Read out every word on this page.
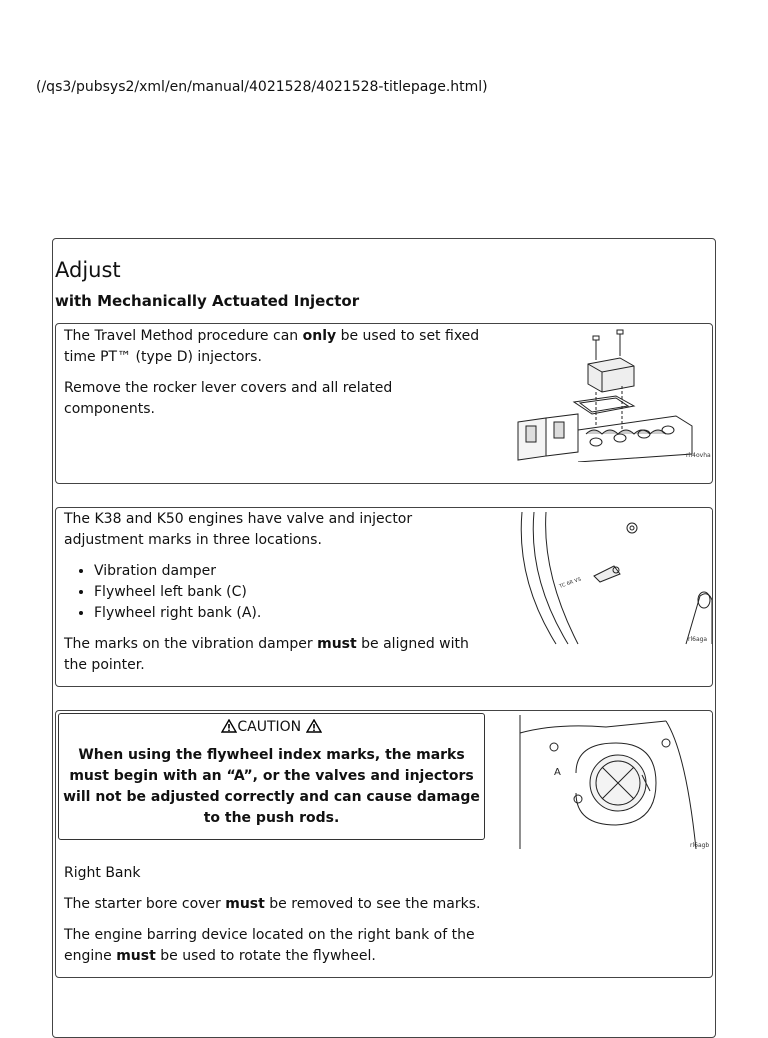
(/qs3/pubsys2/xml/en/manual/4021528/4021528-titlepage.html)
Adjust
with Mechanically Actuated Injector

The Travel Method procedure can only be used to set fixed time PT™ (type D) injectors.

Remove the rocker lever covers and all related components.

rh4ovha

The K38 and K50 engines have valve and injector adjustment marks in three locations.

• Vibration damper
• Flywheel left bank (C)
• Flywheel right bank (A).

The marks on the vibration damper must be aligned with the pointer.

TC 6R VS
rl6aga
CAUTION
When using the flywheel index marks, the marks must begin with an “A”, or the valves and injectors will not be adjusted correctly and can cause damage to the push rods.
A
rl6agb

Right Bank

The starter bore cover must be removed to see the marks.

The engine barring device located on the right bank of the engine must be used to rotate the flywheel.
